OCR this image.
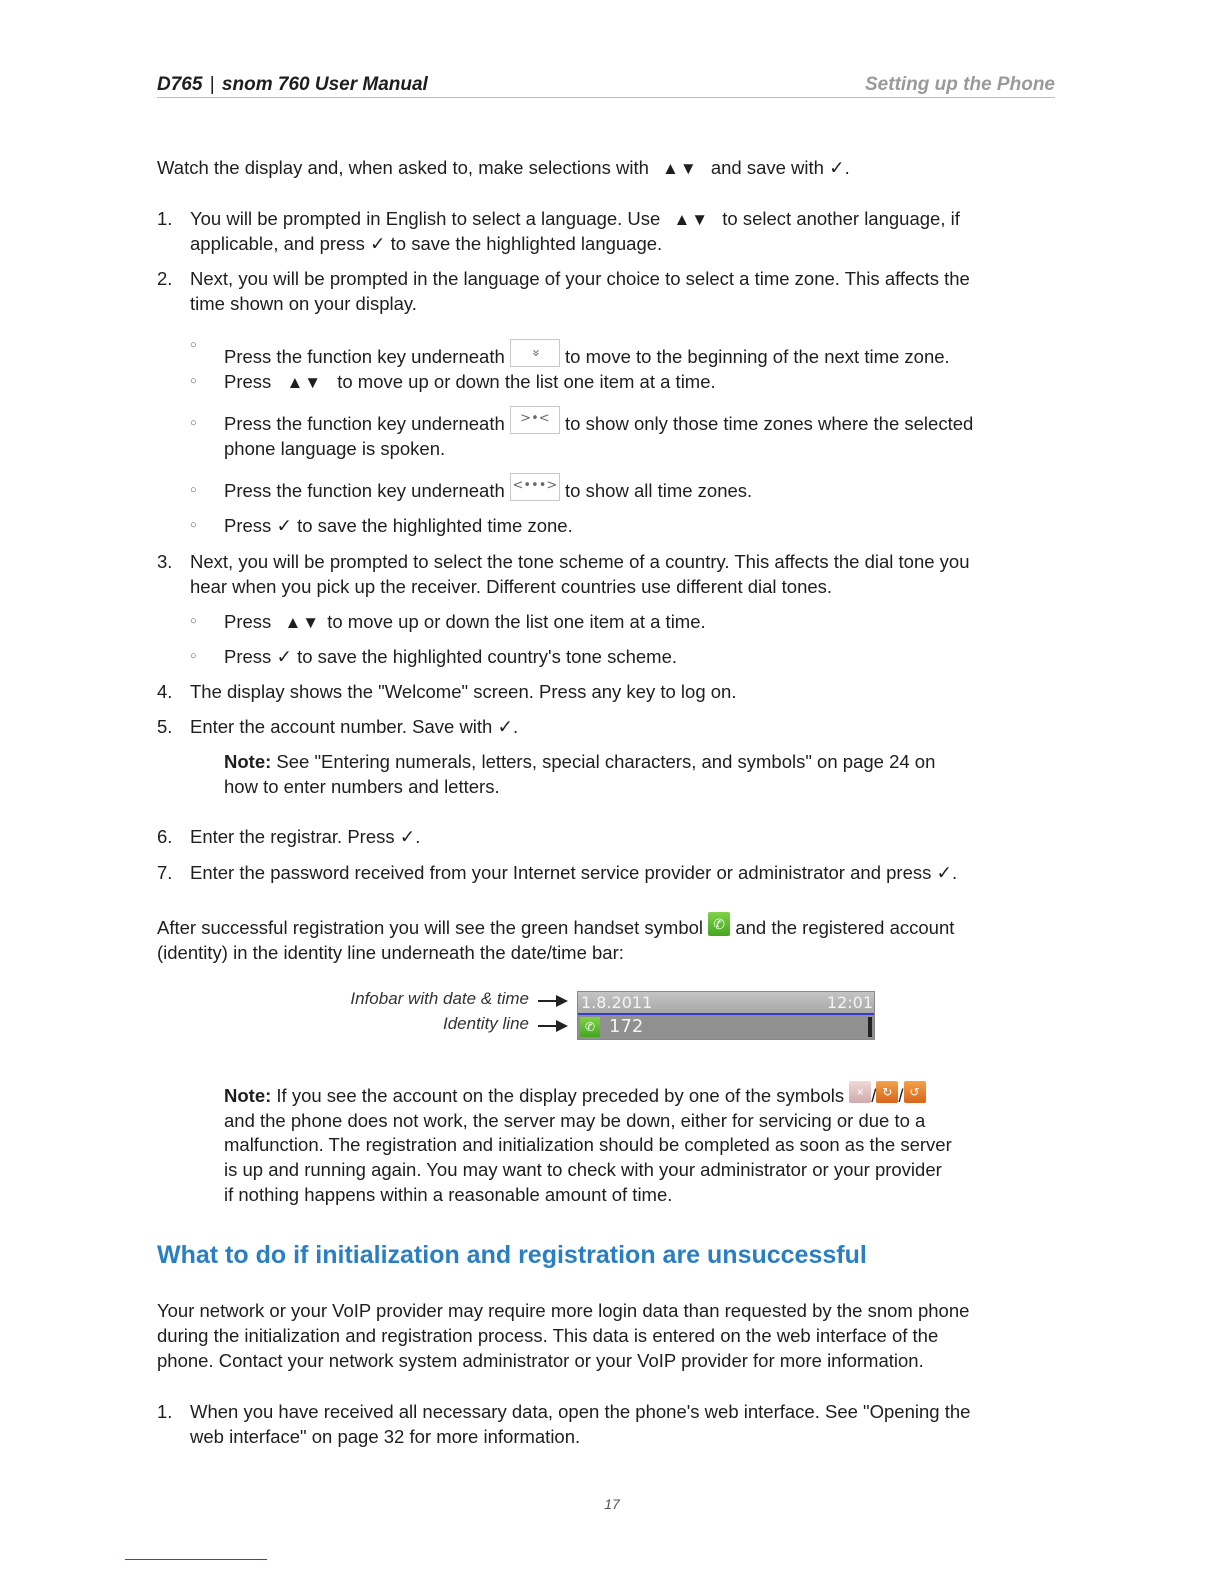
D765 | snom 760 User Manual	Setting up the Phone
Watch the display and, when asked to, make selections with ▲▼ and save with ✓.
1. You will be prompted in English to select a language. Use ▲▼ to select another language, if
applicable, and press ✓ to save the highlighted language.
2. Next, you will be prompted in the language of your choice to select a time zone. This affects the
time shown on your display.
○
Press the function key underneath » to move to the beginning of the next time zone.
○ Press ▲▼ to move up or down the list one item at a time.
○ Press the function key underneath >•< to show only those time zones where the selected
phone language is spoken.
○ Press the function key underneath <•••> to show all time zones.
○ Press ✓ to save the highlighted time zone.
3. Next, you will be prompted to select the tone scheme of a country. This affects the dial tone you
hear when you pick up the receiver. Different countries use different dial tones.
○ Press ▲▼ to move up or down the list one item at a time.
○ Press ✓ to save the highlighted country's tone scheme.
4. The display shows the "Welcome" screen. Press any key to log on.
5. Enter the account number. Save with ✓.
Note: See "Entering numerals, letters, special characters, and symbols" on page 24 on
how to enter numbers and letters.
6. Enter the registrar. Press ✓.
7. Enter the password received from your Internet service provider or administrator and press ✓.
After successful registration you will see the green handset symbol ✆ and the registered account
(identity) in the identity line underneath the date/time bar:
Infobar with date & time
Identity line
1.8.2011	12:01
✆ 172
Note: If you see the account on the display preceded by one of the symbols × / ↻ / ↺
and the phone does not work, the server may be down, either for servicing or due to a
malfunction. The registration and initialization should be completed as soon as the server
is up and running again. You may want to check with your administrator or your provider
if nothing happens within a reasonable amount of time.
What to do if initialization and registration are unsuccessful
Your network or your VoIP provider may require more login data than requested by the snom phone
during the initialization and registration process. This data is entered on the web interface of the
phone. Contact your network system administrator or your VoIP provider for more information.
1. When you have received all necessary data, open the phone's web interface. See "Opening the
web interface" on page 32 for more information.
17
